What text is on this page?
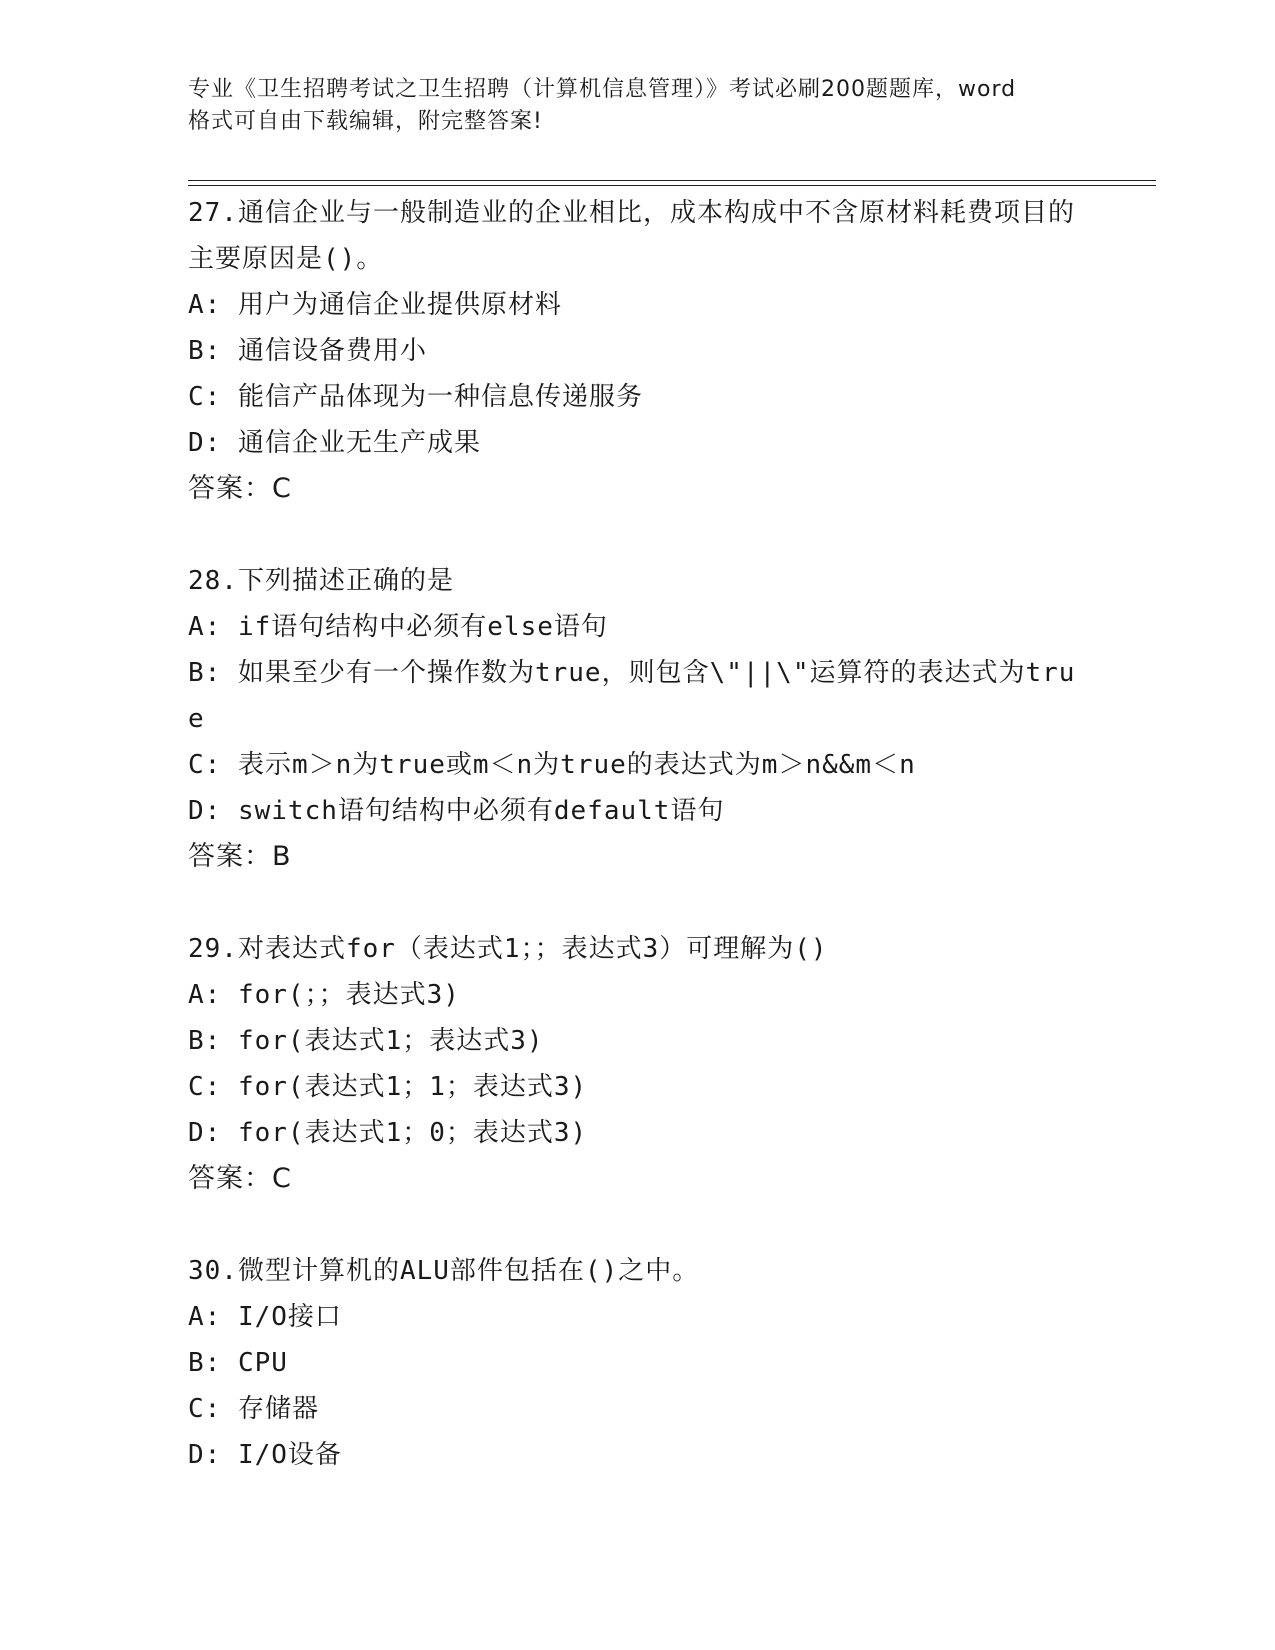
专业《卫生招聘考试之卫生招聘（计算机信息管理）》考试必刷200题题库，word
格式可自由下载编辑，附完整答案!
27.通信企业与一般制造业的企业相比，成本构成中不含原材料耗费项目的主要原因是()。
A: 用户为通信企业提供原材料
B: 通信设备费用小
C: 能信产品体现为一种信息传递服务
D: 通信企业无生产成果
答案：C
28.下列描述正确的是
A: if语句结构中必须有else语句
B: 如果至少有一个操作数为true，则包含\"||\"运算符的表达式为true
C: 表示m＞n为true或m＜n为true的表达式为m＞n&&m＜n
D: switch语句结构中必须有default语句
答案：B
29.对表达式for（表达式1；；表达式3）可理解为()
A: for(；；表达式3)
B: for(表达式1；表达式3)
C: for(表达式1；1；表达式3)
D: for(表达式1；0；表达式3)
答案：C
30.微型计算机的ALU部件包括在()之中。
A: I/O接口
B: CPU
C: 存储器
D: I/O设备
